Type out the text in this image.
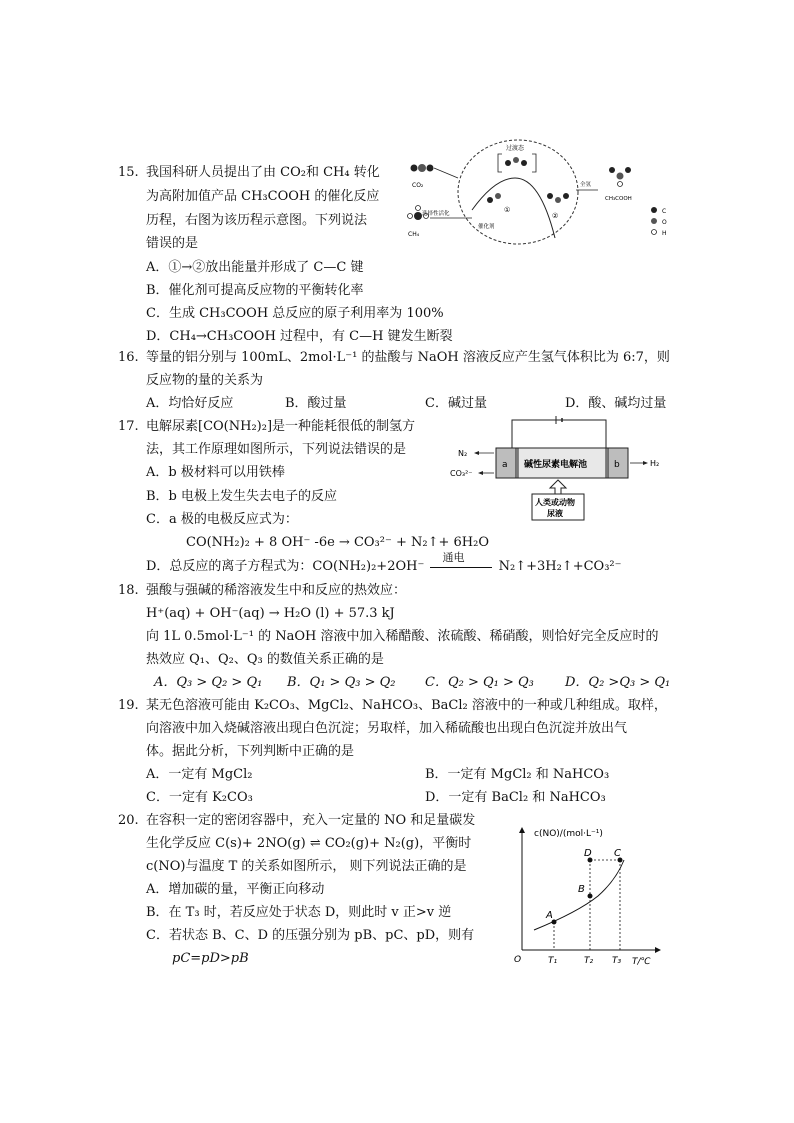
15. 我国科研人员提出了由 CO₂和 CH₄ 转化
为高附加值产品 CH₃COOH 的催化反应
历程，右图为该历程示意图。下列说法
错误的是
A．①→②放出能量并形成了 C—C 键
B．催化剂可提高反应物的平衡转化率
C．生成 CH₃COOH 总反应的原子利用率为 100%
D．CH₄→CH₃COOH 过程中，有 C—H 键发生断裂
CO₂
CH₄
选择性活化
过渡态
催化剂
①
②
全氢
CH₃COOH
C
O
H
16. 等量的铝分别与 100mL、2mol·L⁻¹ 的盐酸与 NaOH 溶液反应产生氢气体积比为 6:7，则
反应物的量的关系为
A．均恰好反应	B．酸过量	C．碱过量	D．酸、碱均过量
17. 电解尿素[CO(NH₂)₂]是一种能耗很低的制氢方
法，其工作原理如图所示，下列说法错误的是
A．b 极材料可以用铁棒
B．b 电极上发生失去电子的反应
C．a 极的电极反应式为：
CO(NH₂)₂ + 8 OH⁻ -6e → CO₃²⁻ + N₂↑+ 6H₂O
D．总反应的离子方程式为：CO(NH₂)₂+2OH⁻
通电
N₂↑+3H₂↑+CO₃²⁻
a 碱性尿素电解池	b
N₂
CO₃²⁻
H₂
人类或动物
尿液
18. 强酸与强碱的稀溶液发生中和反应的热效应：
H⁺(aq) + OH⁻(aq) → H₂O (l) + 57.3 kJ
向 1L 0.5mol·L⁻¹ 的 NaOH 溶液中加入稀醋酸、浓硫酸、稀硝酸，则恰好完全反应时的
热效应 Q₁、Q₂、Q₃ 的数值关系正确的是
A．Q₃ > Q₂ > Q₁ B．Q₁ > Q₃ > Q₂ C．Q₂ > Q₁ > Q₃ D．Q₂ >Q₃ > Q₁
19. 某无色溶液可能由 K₂CO₃、MgCl₂、NaHCO₃、BaCl₂ 溶液中的一种或几种组成。取样，
向溶液中加入烧碱溶液出现白色沉淀；另取样，加入稀硫酸也出现白色沉淀并放出气
体。据此分析，下列判断中正确的是
A．一定有 MgCl₂	B．一定有 MgCl₂ 和 NaHCO₃
C．一定有 K₂CO₃	D．一定有 BaCl₂ 和 NaHCO₃
20. 在容积一定的密闭容器中，充入一定量的 NO 和足量碳发
生化学反应 C(s)+ 2NO(g) ⇌ CO₂(g)+ N₂(g)，平衡时
c(NO)与温度 T 的关系如图所示， 则下列说法正确的是
A．增加碳的量，平衡正向移动
B．在 T₃ 时，若反应处于状态 D，则此时 v 正>v 逆
C．若状态 B、C、D 的压强分别为 pB、pC、pD，则有
pC=pD>pB
c(NO)/(mol·L⁻¹)
T/℃
O
A
B
D C
T₁	T₂ T₃
